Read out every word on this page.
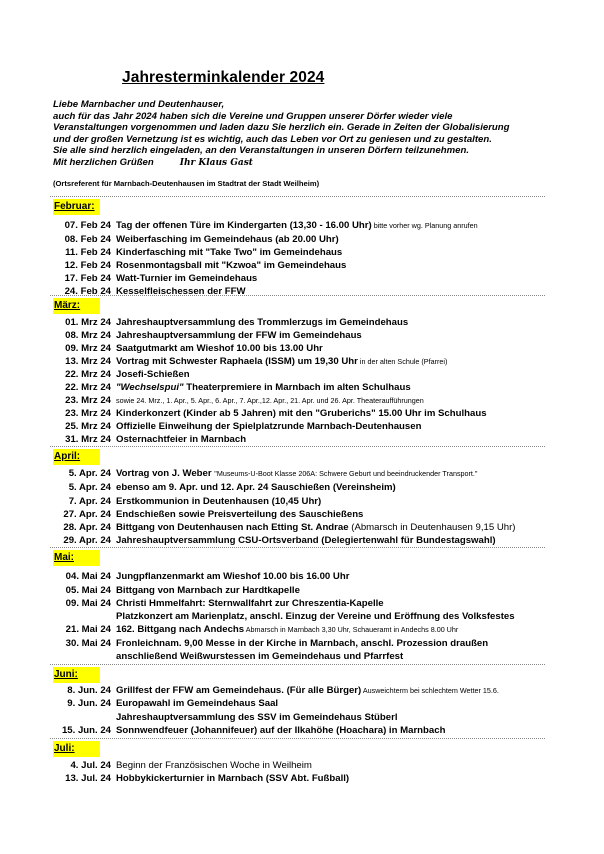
Jahresterminkalender 2024
Liebe Marnbacher und Deutenhauser,
auch für das Jahr 2024 haben sich die Vereine und Gruppen unserer Dörfer wieder viele
Veranstaltungen vorgenommen und laden dazu Sie herzlich ein. Gerade in Zeiten der Globalisierung
und der großen Vernetzung ist es wichtig, auch das Leben vor Ort zu geniesen und zu gestalten.
Sie alle sind herzlich eingeladen, an den Veranstaltungen in unseren Dörfern teilzunehmen.
Mit herzlichen Grüßen	Ihr Klaus Gast
(Ortsreferent für Marnbach-Deutenhausen im Stadtrat der Stadt Weilheim)
Februar:
07. Feb 24 Tag der offenen Türe im Kindergarten (13,30 - 16.00 Uhr) bitte vorher wg. Planung anrufen
08. Feb 24 Weiberfasching im Gemeindehaus (ab 20.00 Uhr)
11. Feb 24 Kinderfasching mit "Take Two" im Gemeindehaus
12. Feb 24 Rosenmontagsball mit "Kzwoa" im Gemeindehaus
17. Feb 24 Watt-Turnier im Gemeindehaus
24. Feb 24 Kesselfleischessen der FFW
März:
01. Mrz 24 Jahreshauptversammlung des Trommlerzugs im Gemeindehaus
08. Mrz 24 Jahreshauptversammlung der FFW im Gemeindehaus
09. Mrz 24 Saatgutmarkt am Wieshof 10.00 bis 13.00 Uhr
13. Mrz 24 Vortrag mit Schwester Raphaela (ISSM) um 19,30 Uhr in der alten Schule (Pfarrei)
22. Mrz 24 Josefi-Schießen
22. Mrz 24 "Wechselspui" Theaterpremiere in Marnbach im alten Schulhaus
23. Mrz 24 sowie 24. Mrz., 1. Apr., 5. Apr., 6. Apr., 7. Apr.,12. Apr., 21. Apr. und 26. Apr. Theateraufführungen
23. Mrz 24 Kinderkonzert (Kinder ab 5 Jahren) mit den "Gruberichs" 15.00 Uhr im Schulhaus
25. Mrz 24 Offizielle Einweihung der Spielplatzrunde Marnbach-Deutenhausen
31. Mrz 24 Osternachtfeier in Marnbach
April:
5. Apr. 24 Vortrag von J. Weber "Museums-U-Boot Klasse 206A: Schwere Geburt und beeindruckender Transport."
5. Apr. 24 ebenso am 9. Apr. und 12. Apr. 24 Sauschießen (Vereinsheim)
7. Apr. 24 Erstkommunion in Deutenhausen (10,45 Uhr)
27. Apr. 24 Endschießen sowie Preisverteilung des Sauschießens
28. Apr. 24 Bittgang von Deutenhausen nach Etting St. Andrae (Abmarsch in Deutenhausen 9,15 Uhr)
29. Apr. 24 Jahreshauptversammlung CSU-Ortsverband (Delegiertenwahl für Bundestagswahl)
Mai:
04. Mai 24 Jungpflanzenmarkt am Wieshof 10.00 bis 16.00 Uhr
05. Mai 24 Bittgang von Marnbach zur Hardtkapelle
09. Mai 24 Christi Hmmelfahrt: Sternwallfahrt zur Chreszentia-Kapelle
Platzkonzert am Marienplatz, anschl. Einzug der Vereine und Eröffnung des Volksfestes
21. Mai 24 162. Bittgang nach Andechs Abmarsch in Marnbach 3,30 Uhr, Schaueramt in Andechs 8.00 Uhr
30. Mai 24 Fronleichnam. 9,00 Messe in der Kirche in Marnbach, anschl. Prozession draußen
anschließend Weißwurstessen im Gemeindehaus und Pfarrfest
Juni:
8. Jun. 24 Grillfest der FFW am Gemeindehaus. (Für alle Bürger) Ausweichterm bei schlechtem Wetter 15.6.
9. Jun. 24 Europawahl im Gemeindehaus Saal
Jahreshauptversammlung des SSV im Gemeindehaus Stüberl
15. Jun. 24 Sonnwendfeuer (Johannifeuer) auf der Ilkahöhe (Hoachara) in Marnbach
Juli:
4. Jul. 24 Beginn der Französischen Woche in Weilheim
13. Jul. 24 Hobbykickerturnier in Marnbach (SSV Abt. Fußball)
